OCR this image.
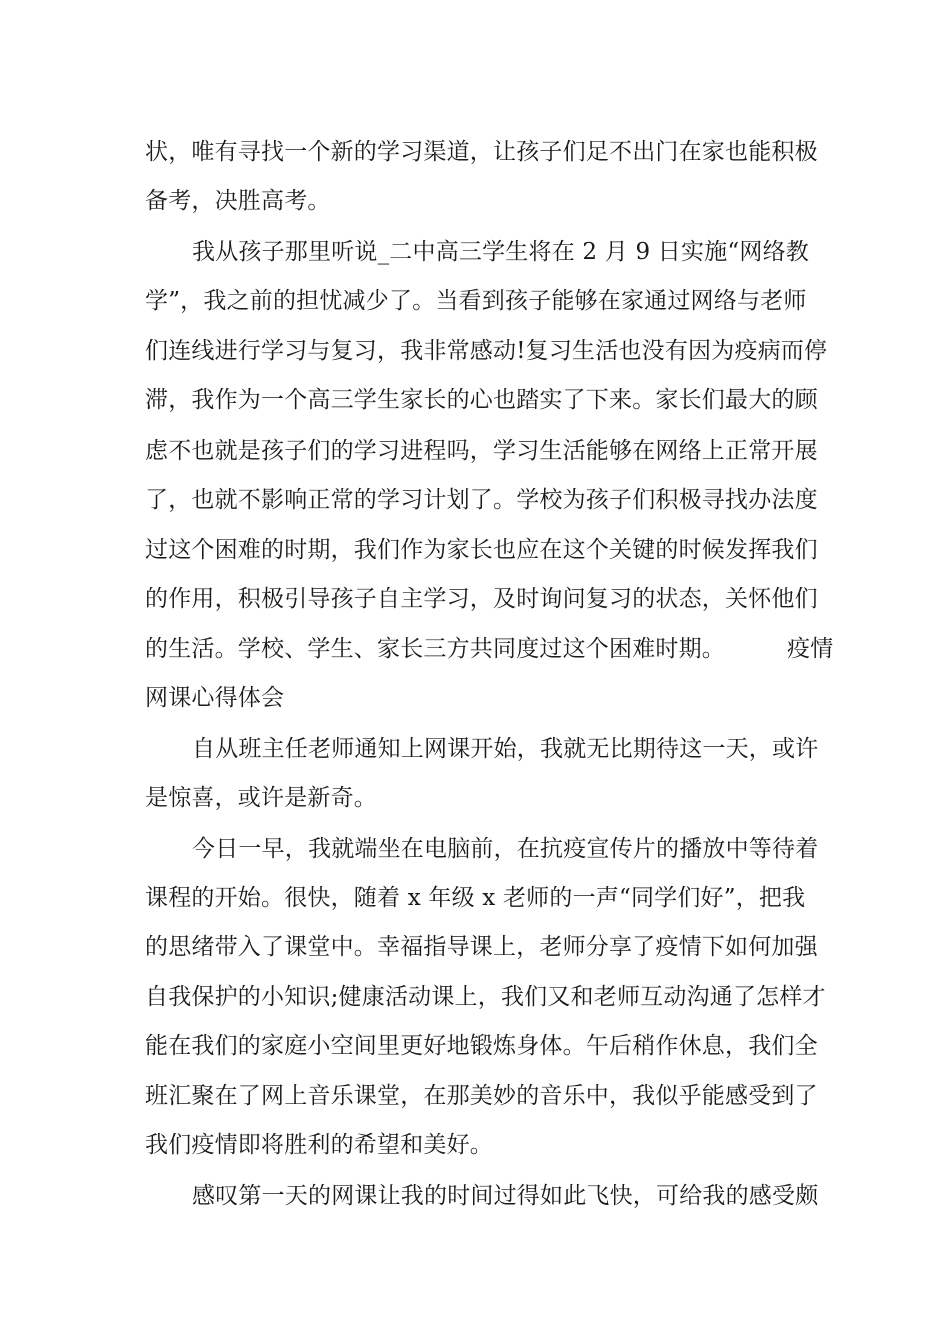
状，唯有寻找一个新的学习渠道，让孩子们足不出门在家也能积极

备考，决胜高考。

我从孩子那里听说_二中高三学生将在 2 月 9 日实施“网络教

学”，我之前的担忧减少了。当看到孩子能够在家通过网络与老师

们连线进行学习与复习，我非常感动!复习生活也没有因为疫病而停

滞，我作为一个高三学生家长的心也踏实了下来。家长们最大的顾

虑不也就是孩子们的学习进程吗，学习生活能够在网络上正常开展

了，也就不影响正常的学习计划了。学校为孩子们积极寻找办法度

过这个困难的时期，我们作为家长也应在这个关键的时候发挥我们

的作用，积极引导孩子自主学习，及时询问复习的状态，关怀他们

的生活。学校、学生、家长三方共同度过这个困难时期。	疫情

网课心得体会

自从班主任老师通知上网课开始，我就无比期待这一天，或许

是惊喜，或许是新奇。

今日一早，我就端坐在电脑前，在抗疫宣传片的播放中等待着

课程的开始。很快，随着 x 年级 x 老师的一声“同学们好”，把我

的思绪带入了课堂中。幸福指导课上，老师分享了疫情下如何加强

自我保护的小知识;健康活动课上，我们又和老师互动沟通了怎样才

能在我们的家庭小空间里更好地锻炼身体。午后稍作休息，我们全

班汇聚在了网上音乐课堂，在那美妙的音乐中，我似乎能感受到了

我们疫情即将胜利的希望和美好。

感叹第一天的网课让我的时间过得如此飞快，可给我的感受颇
